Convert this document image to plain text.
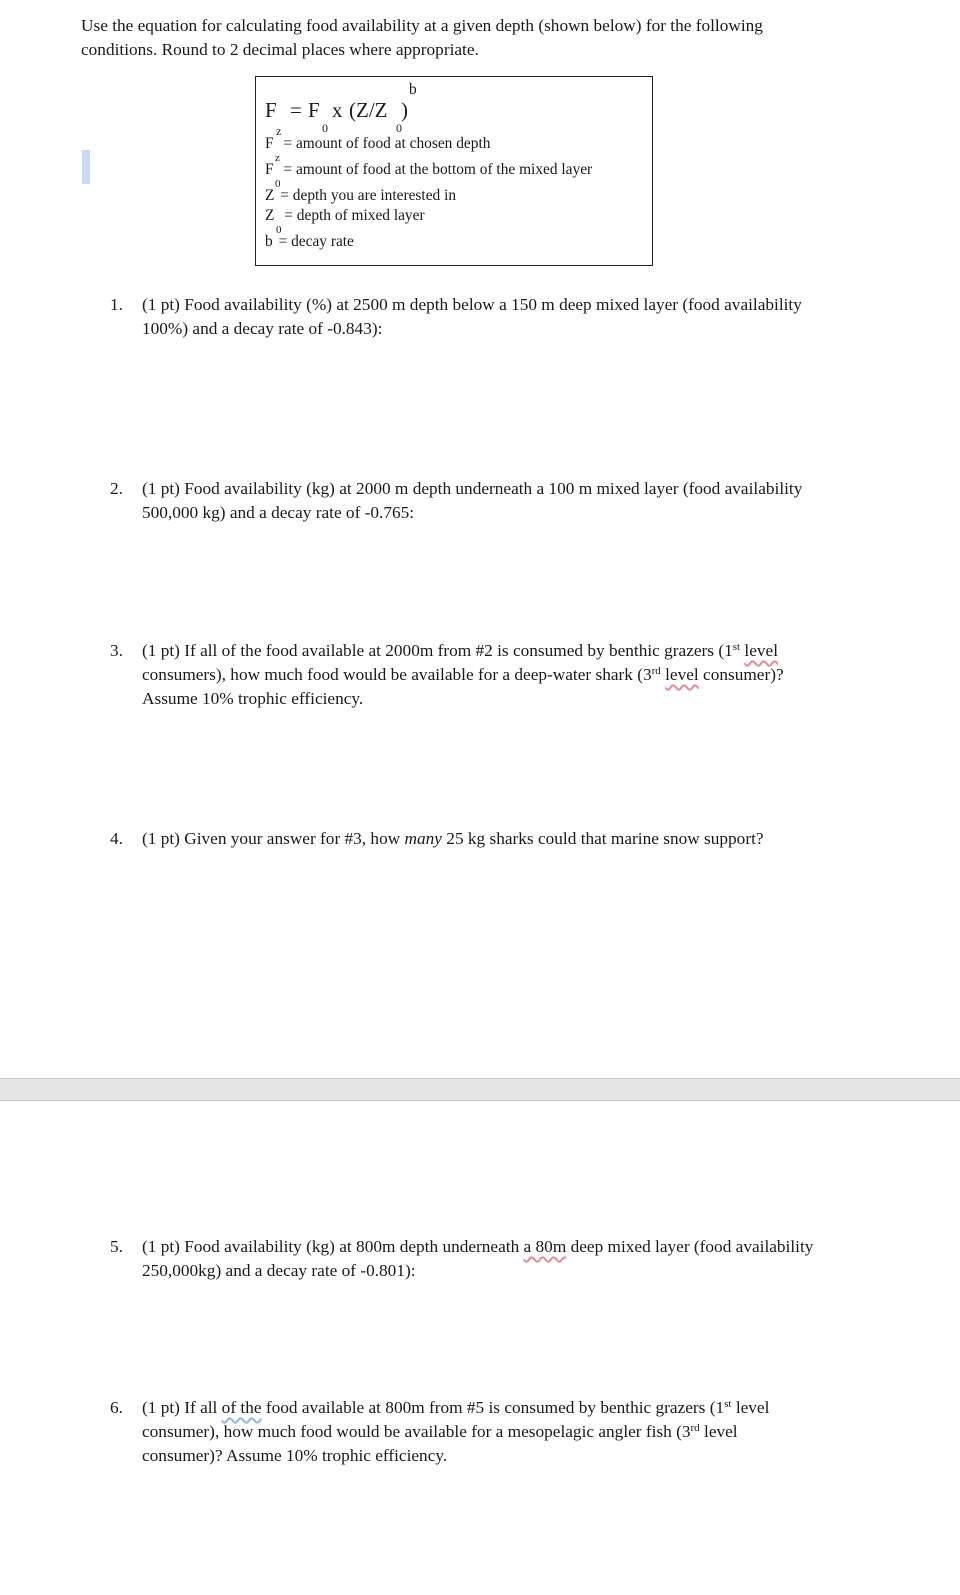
Use the equation for calculating food availability at a given depth (shown below) for the following
conditions. Round to 2 decimal places where appropriate.
F
z
= F
0
x (Z/Z
0
)
b
F = amount of food at chosen depth
z
F = amount of food at the bottom of the mixed layer
0
Z = depth you are interested in
Z = depth of mixed layer
0
b = decay rate
1. (1 pt) Food availability (%) at 2500 m depth below a 150 m deep mixed layer (food availability
100%) and a decay rate of -0.843):
2. (1 pt) Food availability (kg) at 2000 m depth underneath a 100 m mixed layer (food availability
500,000 kg) and a decay rate of -0.765:
3. (1 pt) If all of the food available at 2000m from #2 is consumed by benthic grazers (1st level
consumers), how much food would be available for a deep-water shark (3rd level consumer)?
Assume 10% trophic efficiency.
4. (1 pt) Given your answer for #3, how many 25 kg sharks could that marine snow support?
5. (1 pt) Food availability (kg) at 800m depth underneath a 80m deep mixed layer (food availability
250,000kg) and a decay rate of -0.801):
6. (1 pt) If all of the food available at 800m from #5 is consumed by benthic grazers (1st level
consumer), how much food would be available for a mesopelagic angler fish (3rd level
consumer)? Assume 10% trophic efficiency.
